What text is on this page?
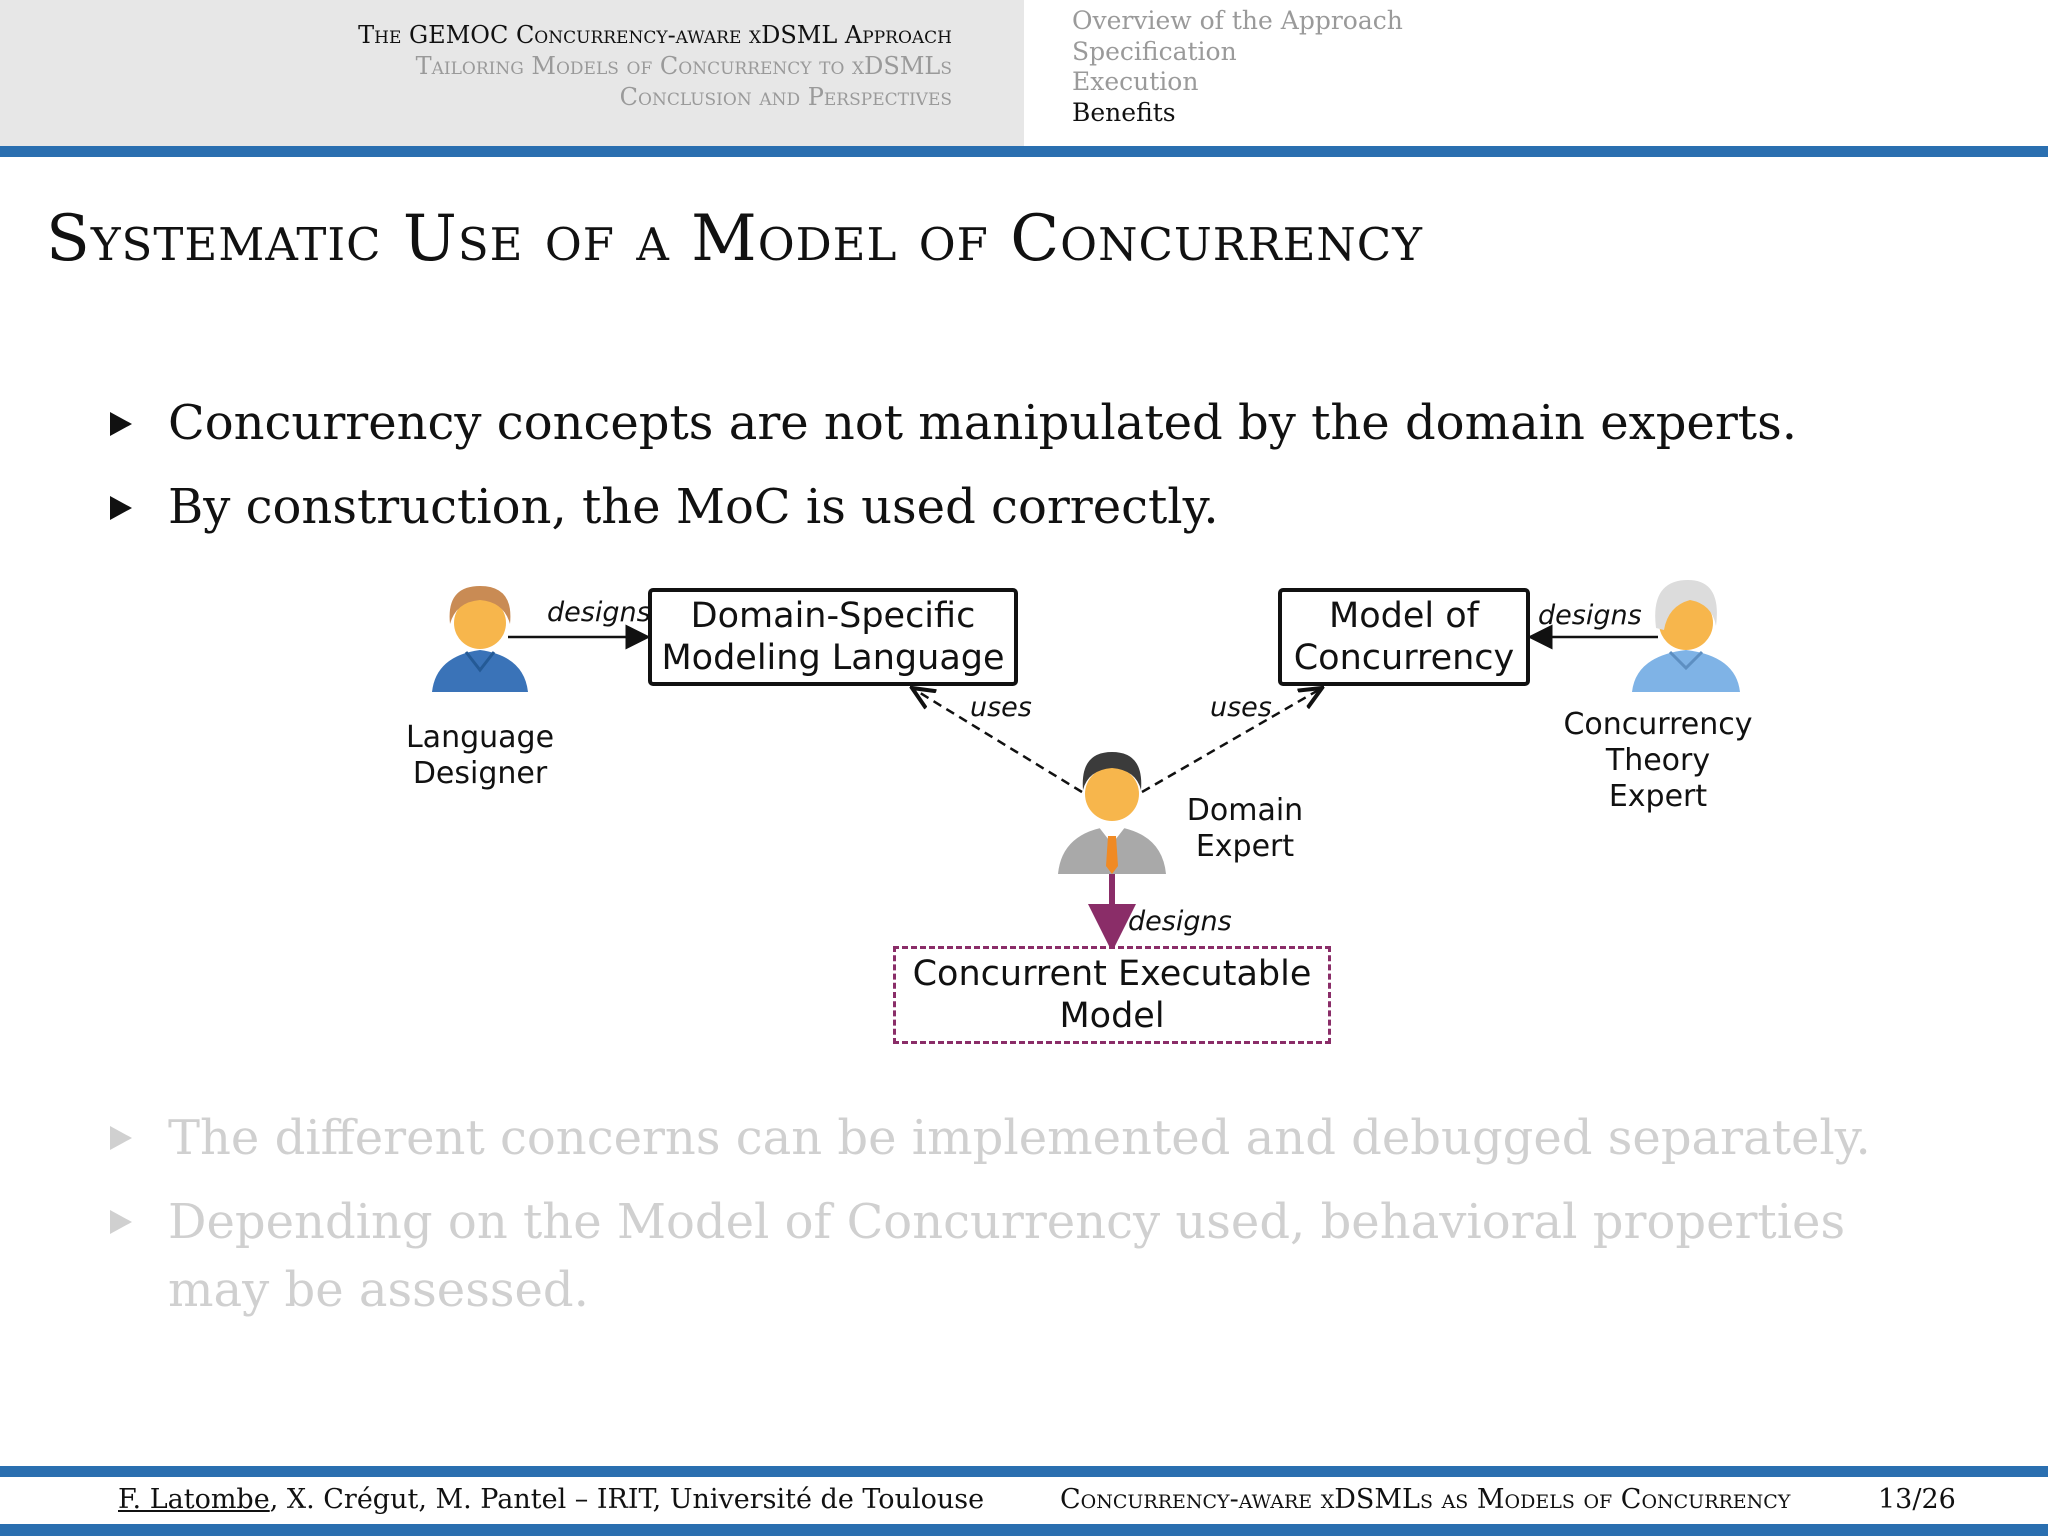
The GEMOC Concurrency-aware xDSML Approach
Tailoring Models of Concurrency to xDSMLs
Conclusion and Perspectives
Overview of the Approach
Specification
Execution
Benefits
Systematic Use of a Model of Concurrency
Concurrency concepts are not manipulated by the domain experts.
By construction, the MoC is used correctly.
Domain-Specific
Modeling Language
Model of
Concurrency
Concurrent Executable
Model
designs	designs
uses	uses
designs
Language
Designer
Domain
Expert
Concurrency
Theory
Expert
The different concerns can be implemented and debugged separately.
Depending on the Model of Concurrency used, behavioral properties may be assessed.
F. Latombe, X. Crégut, M. Pantel – IRIT, Université de Toulouse	Concurrency-aware xDSMLs as Models of Concurrency	13/26
